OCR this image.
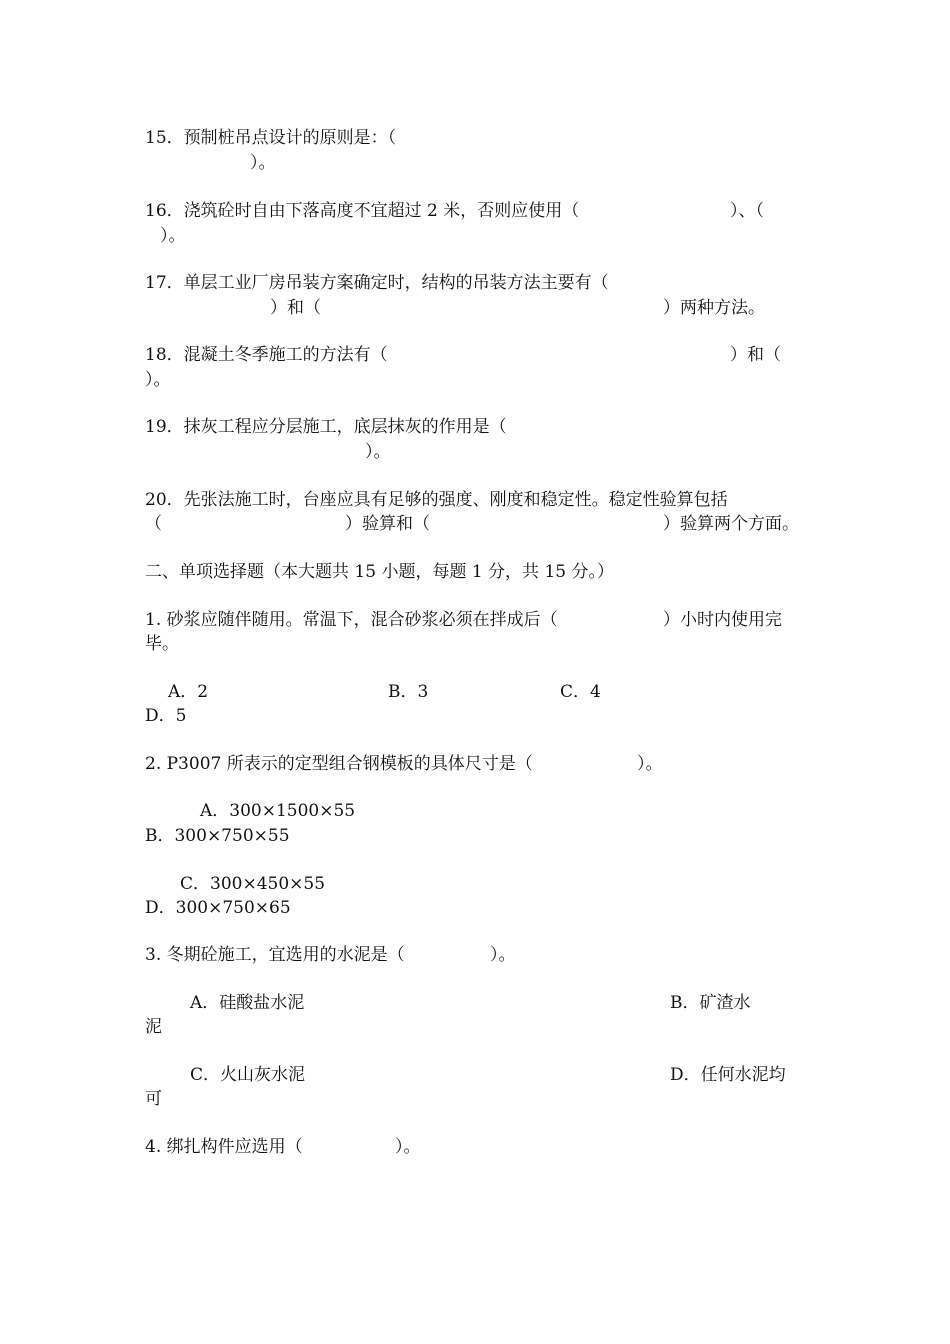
15．预制桩吊点设计的原则是：（
）。
16．浇筑砼时自由下落高度不宜超过 2 米，否则应使用（	）、（
）。
17．单层工业厂房吊装方案确定时，结构的吊装方法主要有（
）和（	）两种方法。
18．混凝土冬季施工的方法有（	）和（
）。
19．抹灰工程应分层施工，底层抹灰的作用是（
）。
20．先张法施工时，台座应具有足够的强度、刚度和稳定性。稳定性验算包括
（	）验算和（	）验算两个方面。
二、单项选择题（本大题共 15 小题，每题 1 分，共 15 分。）
1. 砂浆应随伴随用。常温下，混合砂浆必须在拌成后（	）小时内使用完
毕。
A．2	B．3	C．4
D．5
2. P3007 所表示的定型组合钢模板的具体尺寸是（	）。
A．300×1500×55
B．300×750×55
C．300×450×55
D．300×750×65
3. 冬期砼施工，宜选用的水泥是（	）。
A．硅酸盐水泥	B．矿渣水
泥
C．火山灰水泥	D．任何水泥均
可
4. 绑扎构件应选用（	）。
